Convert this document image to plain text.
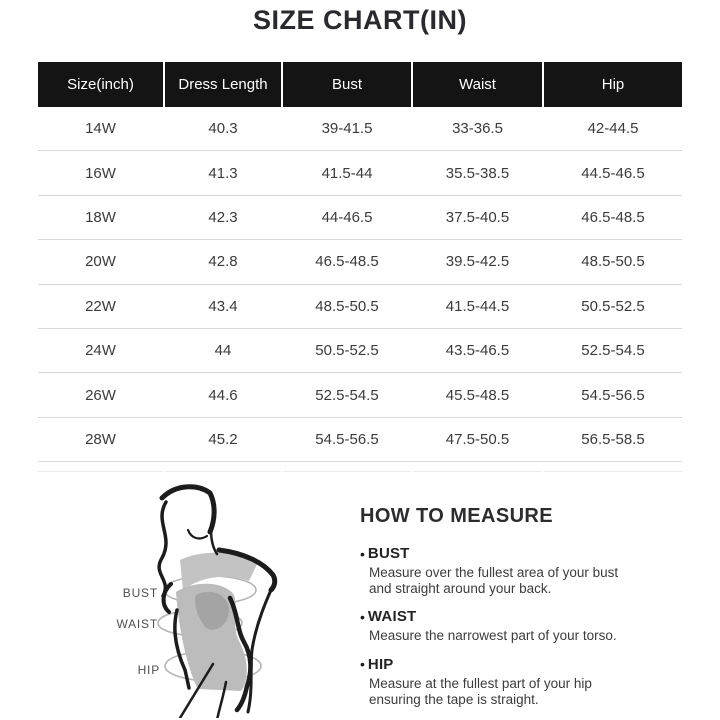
SIZE CHART(IN)
Size(inch)	Dress Length	Bust	Waist	Hip
14W	40.3	39-41.5	33-36.5	42-44.5
16W	41.3	41.5-44	35.5-38.5	44.5-46.5
18W	42.3	44-46.5	37.5-40.5	46.5-48.5
20W	42.8	46.5-48.5	39.5-42.5	48.5-50.5
22W	43.4	48.5-50.5	41.5-44.5	50.5-52.5
24W	44	50.5-52.5	43.5-46.5	52.5-54.5
26W	44.6	52.5-54.5	45.5-48.5	54.5-56.5
28W	45.2	54.5-56.5	47.5-50.5	56.5-58.5
BUST
WAIST
HIP
HOW TO MEASURE
• BUST
Measure over the fullest area of your bust and straight around your back.
• WAIST
Measure the narrowest part of your torso.
• HIP
Measure at the fullest part of your hip ensuring the tape is straight.
